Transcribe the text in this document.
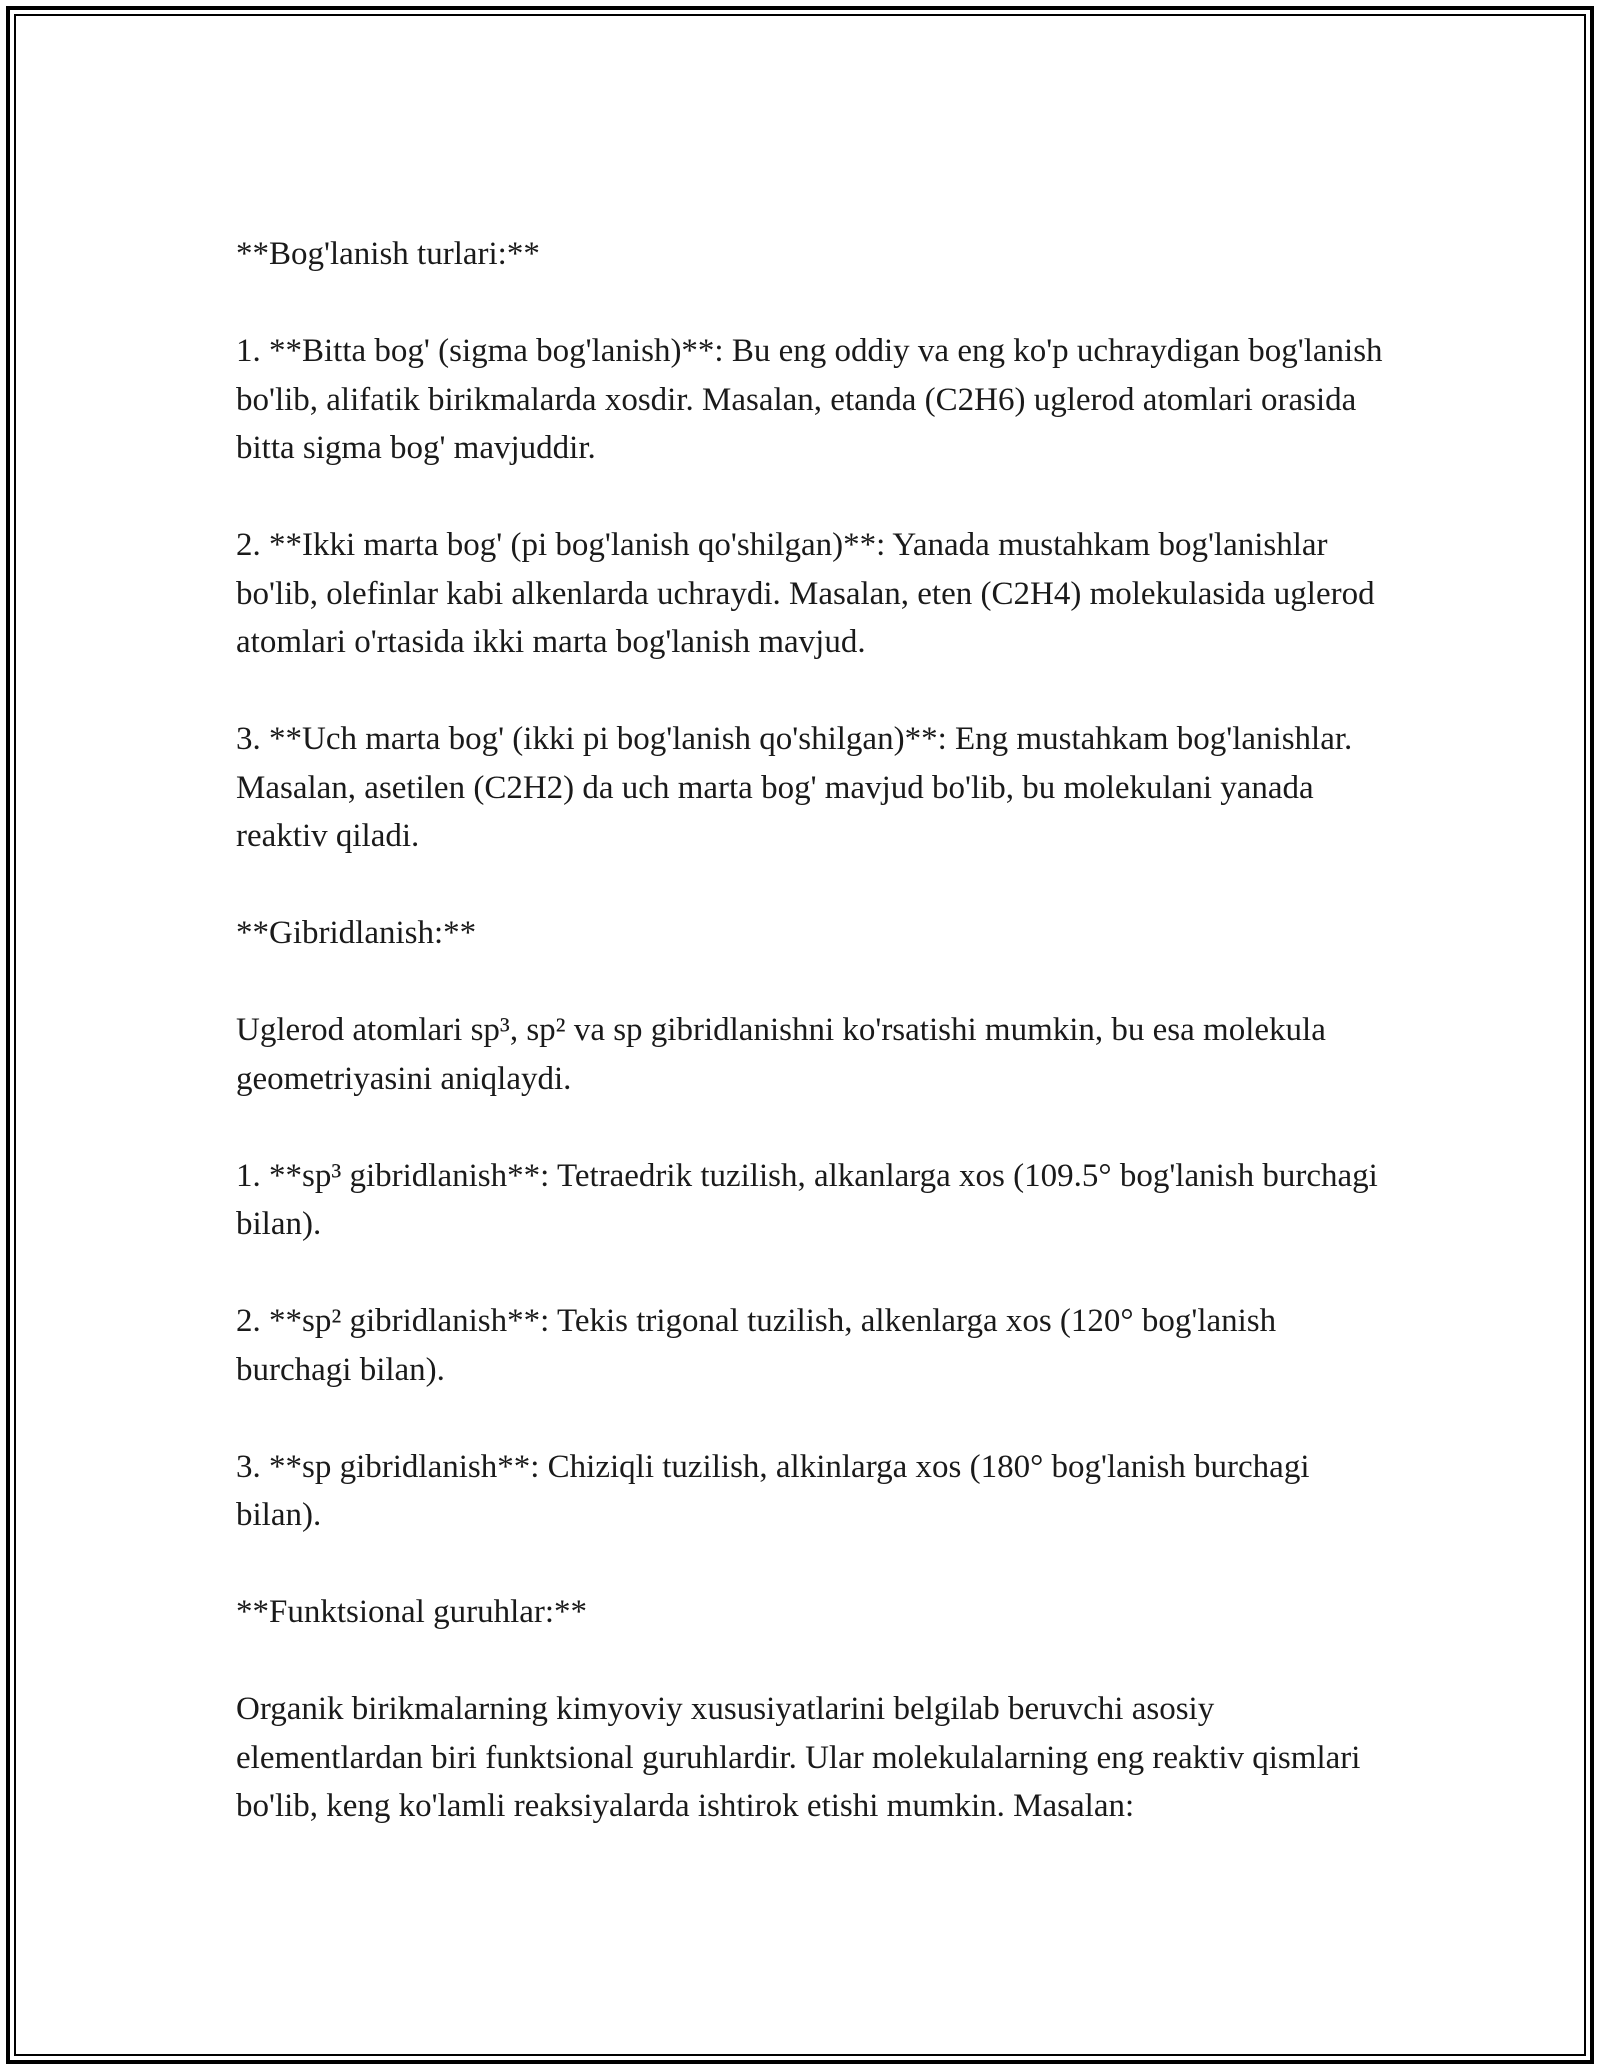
**Bog'lanish turlari:**

1. **Bitta bog' (sigma bog'lanish)**: Bu eng oddiy va eng ko'p uchraydigan bog'lanish bo'lib, alifatik birikmalarda xosdir. Masalan, etanda (C2H6) uglerod atomlari orasida bitta sigma bog' mavjuddir.

2. **Ikki marta bog' (pi bog'lanish qo'shilgan)**: Yanada mustahkam bog'lanishlar bo'lib, olefinlar kabi alkenlarda uchraydi. Masalan, eten (C2H4) molekulasida uglerod atomlari o'rtasida ikki marta bog'lanish mavjud.

3. **Uch marta bog' (ikki pi bog'lanish qo'shilgan)**: Eng mustahkam bog'lanishlar. Masalan, asetilen (C2H2) da uch marta bog' mavjud bo'lib, bu molekulani yanada reaktiv qiladi.

**Gibridlanish:**

Uglerod atomlari sp³, sp² va sp gibridlanishni ko'rsatishi mumkin, bu esa molekula geometriyasini aniqlaydi.

1. **sp³ gibridlanish**: Tetraedrik tuzilish, alkanlarga xos (109.5° bog'lanish burchagi bilan).

2. **sp² gibridlanish**: Tekis trigonal tuzilish, alkenlarga xos (120° bog'lanish burchagi bilan).

3. **sp gibridlanish**: Chiziqli tuzilish, alkinlarga xos (180° bog'lanish burchagi bilan).

**Funktsional guruhlar:**

Organik birikmalarning kimyoviy xususiyatlarini belgilab beruvchi asosiy elementlardan biri funktsional guruhlardir. Ular molekulalarning eng reaktiv qismlari bo'lib, keng ko'lamli reaksiyalarda ishtirok etishi mumkin. Masalan:
